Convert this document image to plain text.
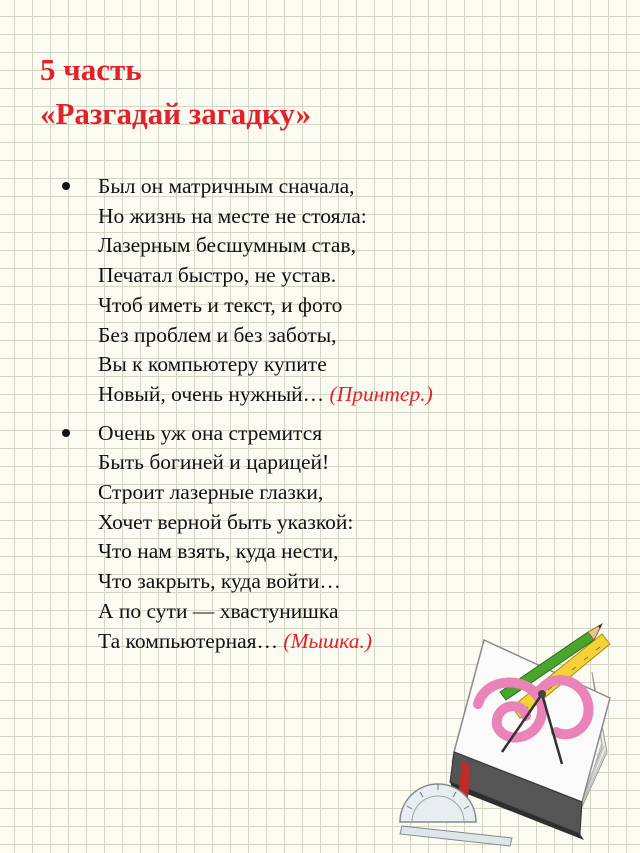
5 часть
«Разгадай загадку»
Был он матричным сначала,
Но жизнь на месте не стояла:
Лазерным бесшумным став,
Печатал быстро, не устав.
Чтоб иметь и текст, и фото
Без проблем и без заботы,
Вы к компьютеру купите
Новый, очень нужный… (Принтер.)
Очень уж она стремится
Быть богиней и царицей!
Строит лазерные глазки,
Хочет верной быть указкой:
Что нам взять, куда нести,
Что закрыть, куда войти…
А по сути — хвастунишка
Та компьютерная… (Мышка.)
